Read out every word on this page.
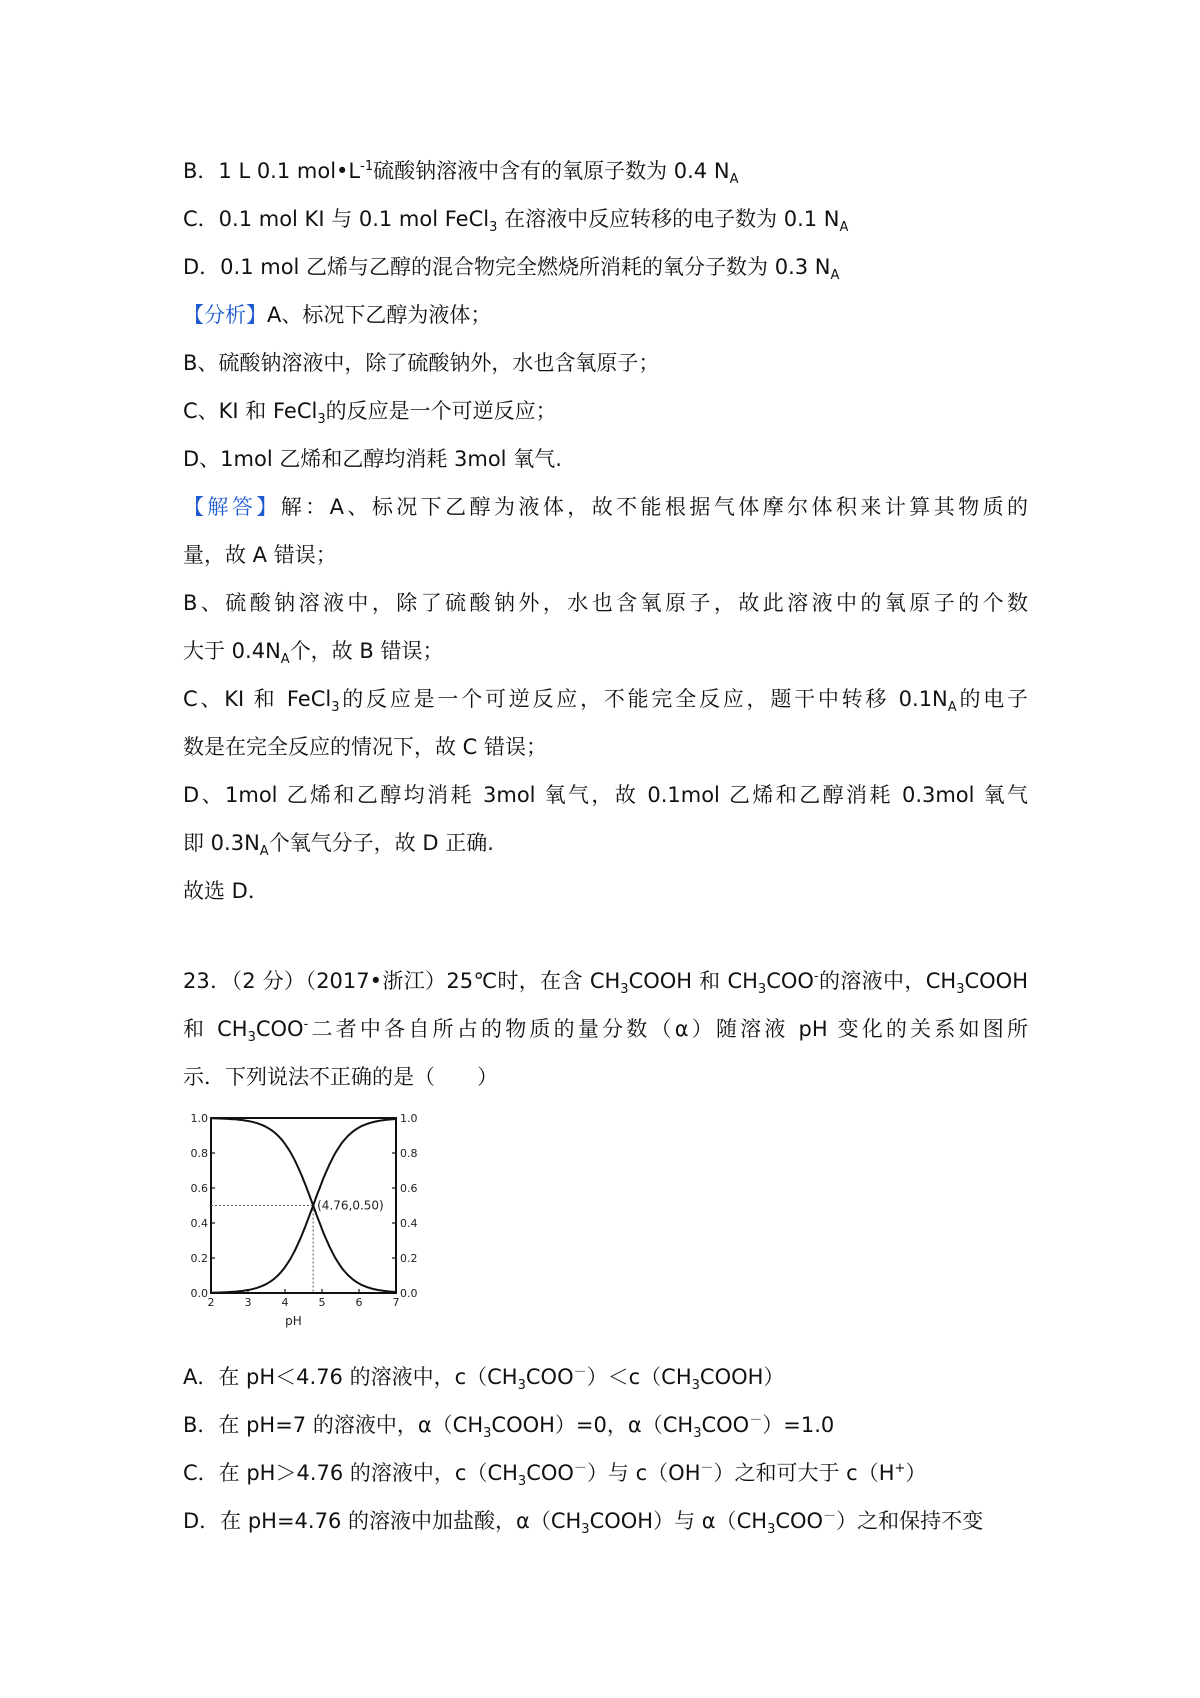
B．1 L 0.1 $mol•L^{-1}$硫酸钠溶液中含有的氧原子数为 0.4 $N_A$
C．0.1 mol KI 与 0.1 mol FeCl$_3$ 在溶液中反应转移的电子数为 0.1 $N_A$
D．0.1 mol 乙烯与乙醇的混合物完全燃烧所消耗的氧分子数为 0.3 $N_A$
【分析】A、标况下乙醇为液体；
B、硫酸钠溶液中，除了硫酸钠外，水也含氧原子；
C、KI 和 FeCl$_3$的反应是一个可逆反应；
D、1mol 乙烯和乙醇均消耗 3mol 氧气.
【解答】解：A、标况下乙醇为液体，故不能根据气体摩尔体积来计算其物质的
量，故 A 错误；
B、硫酸钠溶液中，除了硫酸钠外，水也含氧原子，故此溶液中的氧原子的个数
大于 $0.4N_A$个，故 B 错误；
C、KI 和 FeCl$_3$的反应是一个可逆反应，不能完全反应，题干中转移 $0.1N_A$的电子
数是在完全反应的情况下，故 C 错误；
D、1mol 乙烯和乙醇均消耗 3mol 氧气，故 0.1mol 乙烯和乙醇消耗 0.3mol 氧气
即 $0.3N_A$个氧气分子，故 D 正确.
故选 D．
23．（2 分）（2017•浙江）25℃时，在含 $CH_3COOH$ 和 $CH_3COO^-$的溶液中，$CH_3COOH$
和 $CH_3COO^-$二者中各自所占的物质的量分数（α）随溶液 pH 变化的关系如图所
示．下列说法不正确的是（　　）
2	3	4	5	6	7
0.0
0.2
0.4
0.6
0.8
1.0
0.0
0.2
0.4
0.6
0.8
1.0
(4.76,0.50)
pH
A．在 pH＜4.76 的溶液中，$c(CH_3COO^-)<c(CH_3COOH)$
B．在 pH=7 的溶液中，$\alpha(CH_3COOH)=0$，$\alpha(CH_3COO^-)=1.0$
C．在 pH＞4.76 的溶液中，$c(CH_3COO^-)$与 c（OH－）之和可大于 c（H+）
D．在 pH=4.76 的溶液中加盐酸，$\alpha(CH_3COOH)$与 $\alpha(CH_3COO^-)$之和保持不变
